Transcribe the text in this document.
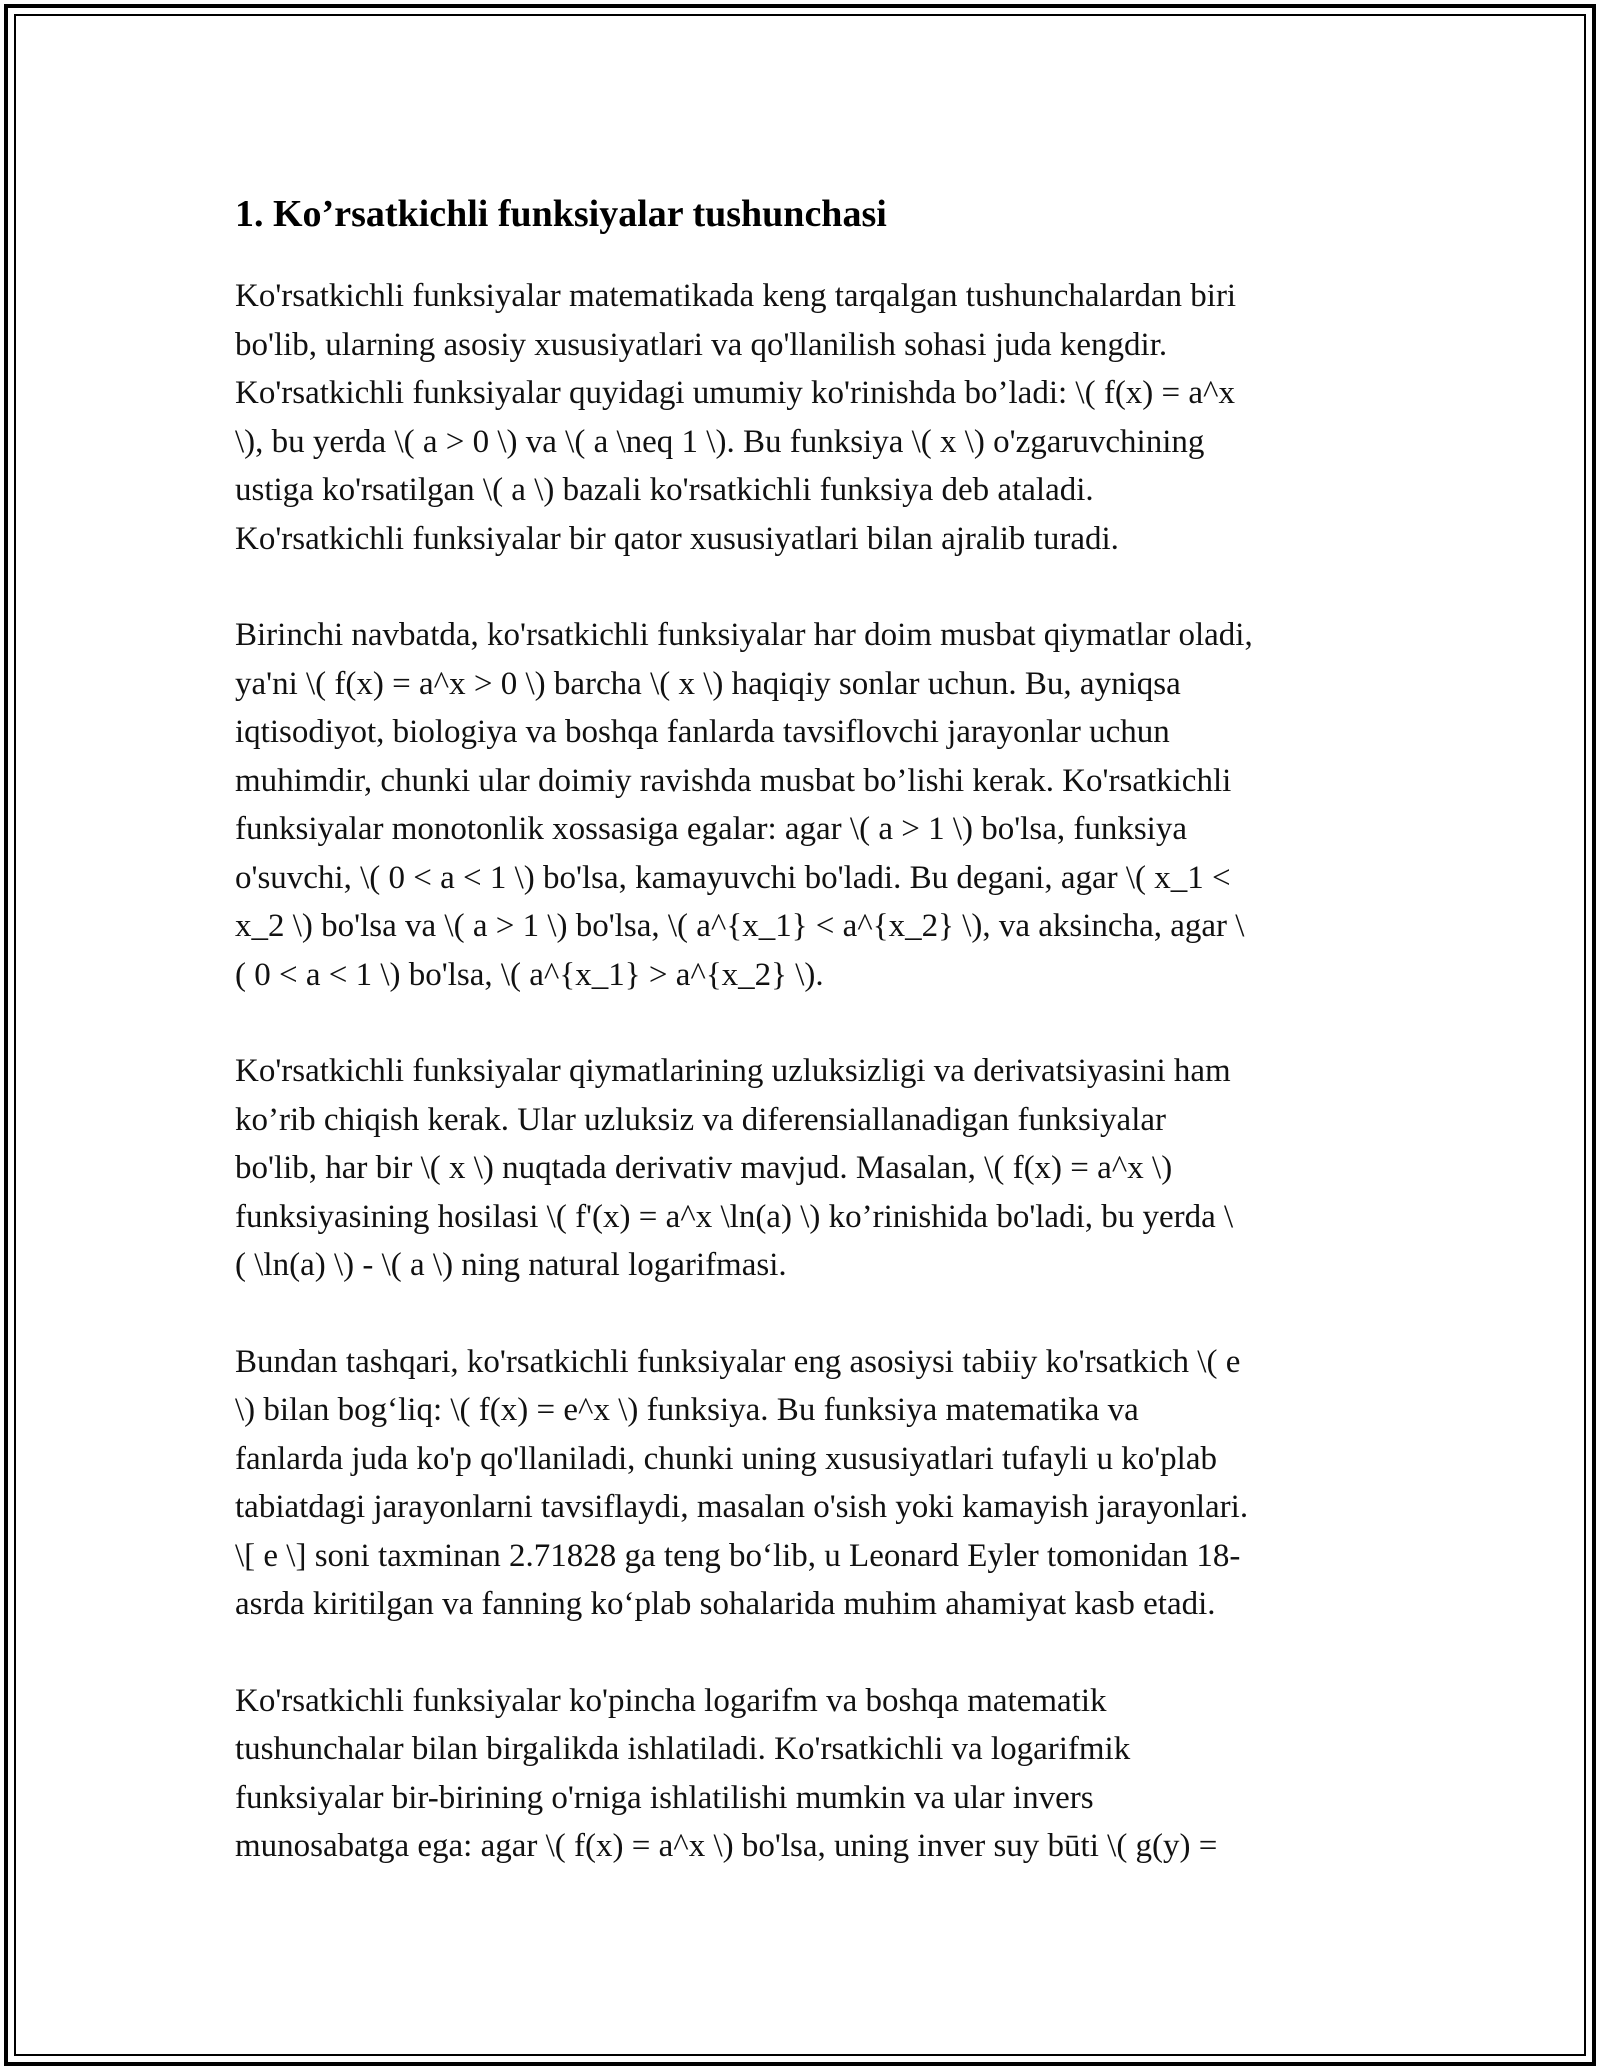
1. Ko’rsatkichli funksiyalar tushunchasi

Ko'rsatkichli funksiyalar matematikada keng tarqalgan tushunchalardan biri
bo'lib, ularning asosiy xususiyatlari va qo'llanilish sohasi juda kengdir.
Ko'rsatkichli funksiyalar quyidagi umumiy ko'rinishda bo’ladi: \( f(x) = a^x
\), bu yerda \( a > 0 \) va \( a \neq 1 \). Bu funksiya \( x \) o'zgaruvchining
ustiga ko'rsatilgan \( a \) bazali ko'rsatkichli funksiya deb ataladi.
Ko'rsatkichli funksiyalar bir qator xususiyatlari bilan ajralib turadi.

Birinchi navbatda, ko'rsatkichli funksiyalar har doim musbat qiymatlar oladi,
ya'ni \( f(x) = a^x > 0 \) barcha \( x \) haqiqiy sonlar uchun. Bu, ayniqsa
iqtisodiyot, biologiya va boshqa fanlarda tavsiflovchi jarayonlar uchun
muhimdir, chunki ular doimiy ravishda musbat bo’lishi kerak. Ko'rsatkichli
funksiyalar monotonlik xossasiga egalar: agar \( a > 1 \) bo'lsa, funksiya
o'suvchi, \( 0 < a < 1 \) bo'lsa, kamayuvchi bo'ladi. Bu degani, agar \( x_1 <
x_2 \) bo'lsa va \( a > 1 \) bo'lsa, \( a^{x_1} < a^{x_2} \), va aksincha, agar \
( 0 < a < 1 \) bo'lsa, \( a^{x_1} > a^{x_2} \).

Ko'rsatkichli funksiyalar qiymatlarining uzluksizligi va derivatsiyasini ham
ko’rib chiqish kerak. Ular uzluksiz va diferensiallanadigan funksiyalar
bo'lib, har bir \( x \) nuqtada derivativ mavjud. Masalan, \( f(x) = a^x \)
funksiyasining hosilasi \( f'(x) = a^x \ln(a) \) ko’rinishida bo'ladi, bu yerda \
( \ln(a) \) - \( a \) ning natural logarifmasi.

Bundan tashqari, ko'rsatkichli funksiyalar eng asosiysi tabiiy ko'rsatkich \( e
\) bilan bog‘liq: \( f(x) = e^x \) funksiya. Bu funksiya matematika va
fanlarda juda ko'p qo'llaniladi, chunki uning xususiyatlari tufayli u ko'plab
tabiatdagi jarayonlarni tavsiflaydi, masalan o'sish yoki kamayish jarayonlari.
\[ e \] soni taxminan 2.71828 ga teng bo‘lib, u Leonard Eyler tomonidan 18-
asrda kiritilgan va fanning ko‘plab sohalarida muhim ahamiyat kasb etadi.

Ko'rsatkichli funksiyalar ko'pincha logarifm va boshqa matematik
tushunchalar bilan birgalikda ishlatiladi. Ko'rsatkichli va logarifmik
funksiyalar bir-birining o'rniga ishlatilishi mumkin va ular invers
munosabatga ega: agar \( f(x) = a^x \) bo'lsa, uning inver suy būti \( g(y) =
